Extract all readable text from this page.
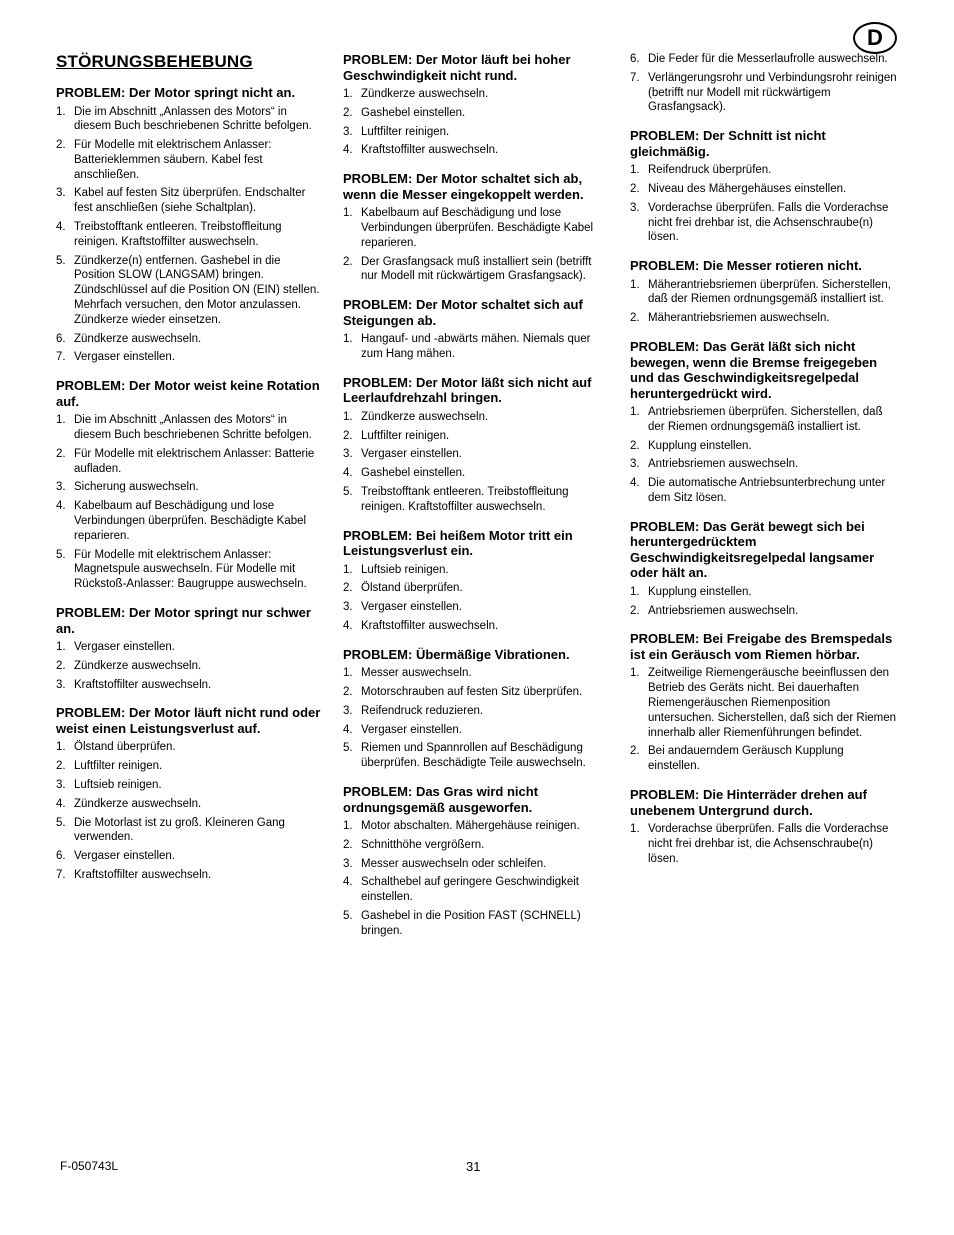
D
STÖRUNGSBEHEBUNG
PROBLEM: Der Motor springt nicht an.
1. Die im Abschnitt „Anlassen des Motors“ in diesem Buch beschriebenen Schritte befolgen.
2. Für Modelle mit elektrischem Anlasser: Batterieklemmen säubern. Kabel fest anschließen.
3. Kabel auf festen Sitz überprüfen. Endschalter fest anschließen (siehe Schaltplan).
4. Treibstofftank entleeren. Treibstoffleitung reinigen. Kraftstoffilter auswechseln.
5. Zündkerze(n) entfernen. Gashebel in die Position SLOW (LANGSAM) bringen. Zündschlüssel auf die Position ON (EIN) stellen. Mehrfach versuchen, den Motor anzulassen. Zündkerze wieder einsetzen.
6. Zündkerze auswechseln.
7. Vergaser einstellen.
PROBLEM: Der Motor weist keine Rotation auf.
1. Die im Abschnitt „Anlassen des Motors“ in diesem Buch beschriebenen Schritte befolgen.
2. Für Modelle mit elektrischem Anlasser: Batterie aufladen.
3. Sicherung auswechseln.
4. Kabelbaum auf Beschädigung und lose Verbindungen überprüfen. Beschädigte Kabel reparieren.
5. Für Modelle mit elektrischem Anlasser: Magnetspule auswechseln. Für Modelle mit Rückstoß-Anlasser: Baugruppe auswechseln.
PROBLEM: Der Motor springt nur schwer an.
1. Vergaser einstellen.
2. Zündkerze auswechseln.
3. Kraftstoffilter auswechseln.
PROBLEM: Der Motor läuft nicht rund oder weist einen Leistungsverlust auf.
1. Ölstand überprüfen.
2. Luftfilter reinigen.
3. Luftsieb reinigen.
4. Zündkerze auswechseln.
5. Die Motorlast ist zu groß. Kleineren Gang verwenden.
6. Vergaser einstellen.
7. Kraftstoffilter auswechseln.
PROBLEM: Der Motor läuft bei hoher Geschwindigkeit nicht rund.
1. Zündkerze auswechseln.
2. Gashebel einstellen.
3. Luftfilter reinigen.
4. Kraftstoffilter auswechseln.
PROBLEM: Der Motor schaltet sich ab, wenn die Messer eingekoppelt werden.
1. Kabelbaum auf Beschädigung und lose Verbindungen überprüfen. Beschädigte Kabel reparieren.
2. Der Grasfangsack muß installiert sein (betrifft nur Modell mit rückwärtigem Grasfangsack).
PROBLEM: Der Motor schaltet sich auf Steigungen ab.
1. Hangauf- und -abwärts mähen. Niemals quer zum Hang mähen.
PROBLEM: Der Motor läßt sich nicht auf Leerlaufdrehzahl bringen.
1. Zündkerze auswechseln.
2. Luftfilter reinigen.
3. Vergaser einstellen.
4. Gashebel einstellen.
5. Treibstofftank entleeren. Treibstoffleitung reinigen. Kraftstoffilter auswechseln.
PROBLEM: Bei heißem Motor tritt ein Leistungsverlust ein.
1. Luftsieb reinigen.
2. Ölstand überprüfen.
3. Vergaser einstellen.
4. Kraftstoffilter auswechseln.
PROBLEM: Übermäßige Vibrationen.
1. Messer auswechseln.
2. Motorschrauben auf festen Sitz überprüfen.
3. Reifendruck reduzieren.
4. Vergaser einstellen.
5. Riemen und Spannrollen auf Beschädigung überprüfen. Beschädigte Teile auswechseln.
PROBLEM: Das Gras wird nicht ordnungsgemäß ausgeworfen.
1. Motor abschalten. Mähergehäuse reinigen.
2. Schnitthöhe vergrößern.
3. Messer auswechseln oder schleifen.
4. Schalthebel auf geringere Geschwindigkeit einstellen.
5. Gashebel in die Position FAST (SCHNELL) bringen.
6. Die Feder für die Messerlaufrolle auswechseln.
7. Verlängerungsrohr und Verbindungsrohr reinigen (betrifft nur Modell mit rückwärtigem Grasfangsack).
PROBLEM: Der Schnitt ist nicht gleichmäßig.
1. Reifendruck überprüfen.
2. Niveau des Mähergehäuses einstellen.
3. Vorderachse überprüfen. Falls die Vorderachse nicht frei drehbar ist, die Achsenschraube(n) lösen.
PROBLEM: Die Messer rotieren nicht.
1. Mäherantriebsriemen überprüfen. Sicherstellen, daß der Riemen ordnungsgemäß installiert ist.
2. Mäherantriebsriemen auswechseln.
PROBLEM: Das Gerät läßt sich nicht bewegen, wenn die Bremse freigegeben und das Geschwindigkeitsregelpedal heruntergedrückt wird.
1. Antriebsriemen überprüfen. Sicherstellen, daß der Riemen ordnungsgemäß installiert ist.
2. Kupplung einstellen.
3. Antriebsriemen auswechseln.
4. Die automatische Antriebsunterbrechung unter dem Sitz lösen.
PROBLEM: Das Gerät bewegt sich bei heruntergedrücktem Geschwindigkeitsregelpedal langsamer oder hält an.
1. Kupplung einstellen.
2. Antriebsriemen auswechseln.
PROBLEM: Bei Freigabe des Bremspedals ist ein Geräusch vom Riemen hörbar.
1. Zeitweilige Riemengeräusche beeinflussen den Betrieb des Geräts nicht. Bei dauerhaften Riemengeräuschen Riemenposition untersuchen. Sicherstellen, daß sich der Riemen innerhalb aller Riemenführungen befindet.
2. Bei andauerndem Geräusch Kupplung einstellen.
PROBLEM: Die Hinterräder drehen auf unebenem Untergrund durch.
1. Vorderachse überprüfen. Falls die Vorderachse nicht frei drehbar ist, die Achsenschraube(n) lösen.
F-050743L	31
